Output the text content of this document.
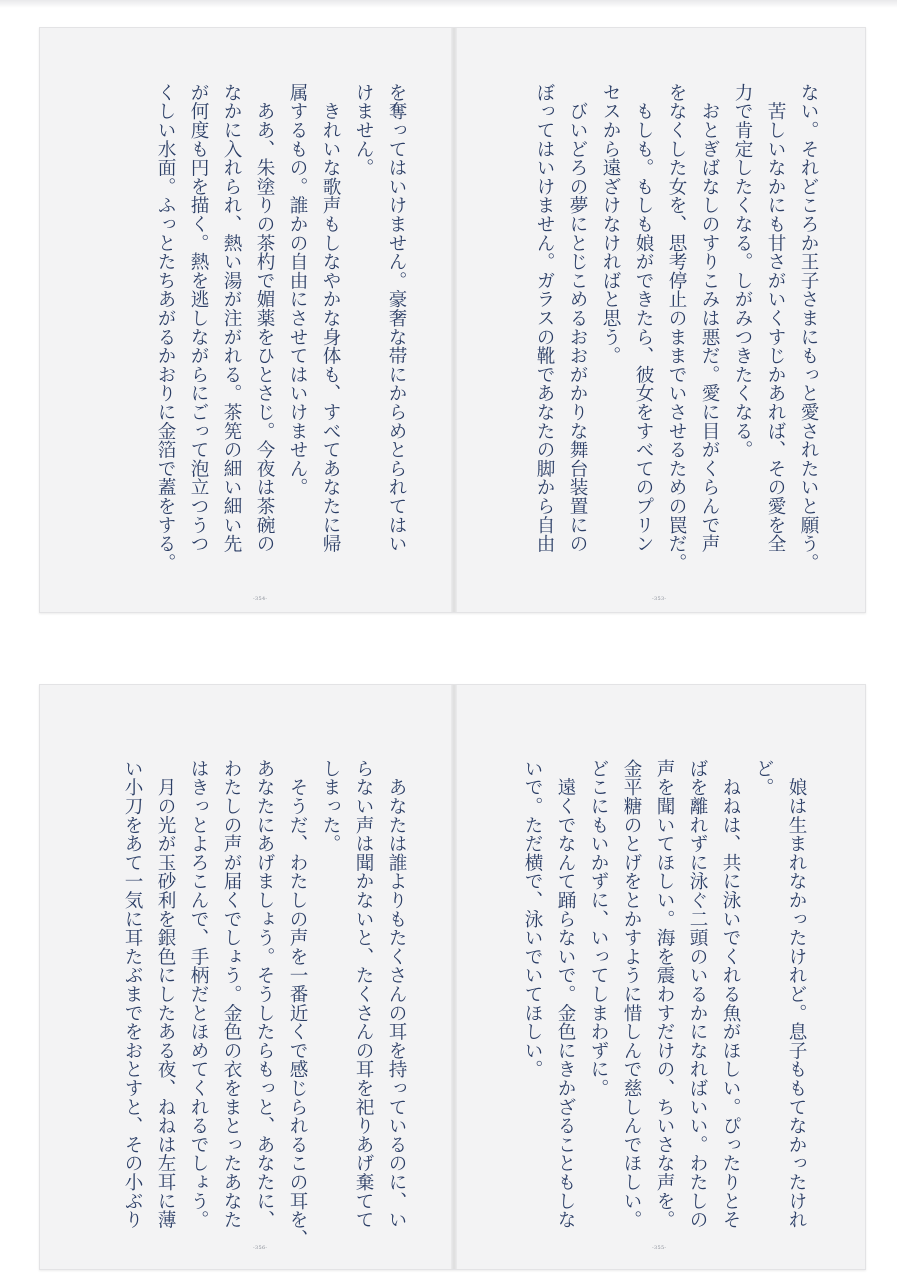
ない。それどころか王子さまにもっと愛されたいと願う。
　苦しいなかにも甘さがいくすじかあれば、その愛を全
力で肯定したくなる。しがみつきたくなる。
　おとぎばなしのすりこみは悪だ。愛に目がくらんで声
をなくした女を、思考停止のままでいさせるための罠だ。
　もしも。もしも娘ができたら、彼女をすべてのプリン
セスから遠ざけなければと思う。
　びいどろの夢にとじこめるおおがかりな舞台装置にの
ぼってはいけません。ガラスの靴であなたの脚から自由
-353-
を奪ってはいけません。豪奢な帯にからめとられてはい
けません。
　きれいな歌声もしなやかな身体も、すべてあなたに帰
属するもの。誰かの自由にさせてはいけません。
　ああ、朱塗りの茶杓で媚薬をひとさじ。今夜は茶碗の
なかに入れられ、熱い湯が注がれる。茶筅の細い細い先
が何度も円を描く。熱を逃しながらにごって泡立つうつ
くしい水面。ふっとたちあがるかおりに金箔で蓋をする。
-354-
　娘は生まれなかったけれど。息子ももてなかったけれ
ど。
　ねねは、共に泳いでくれる魚がほしい。ぴったりとそ
ばを離れずに泳ぐ二頭のいるかになればいい。わたしの
声を聞いてほしい。海を震わすだけの、ちいさな声を。
金平糖のとげをとかすように惜しんで慈しんでほしい。
どこにもいかずに、いってしまわずに。
　遠くでなんて踊らないで。金色にきかざることもしな
いで。ただ横で、泳いでいてほしい。
-355-
　あなたは誰よりもたくさんの耳を持っているのに、い
らない声は聞かないと、たくさんの耳を祀りあげ棄てて
しまった。
　そうだ、わたしの声を一番近くで感じられるこの耳を、
あなたにあげましょう。そうしたらもっと、あなたに、
わたしの声が届くでしょう。金色の衣をまとったあなた
はきっとよろこんで、手柄だとほめてくれるでしょう。
　月の光が玉砂利を銀色にしたある夜、ねねは左耳に薄
い小刀をあて一気に耳たぶまでをおとすと、その小ぶり
-356-
